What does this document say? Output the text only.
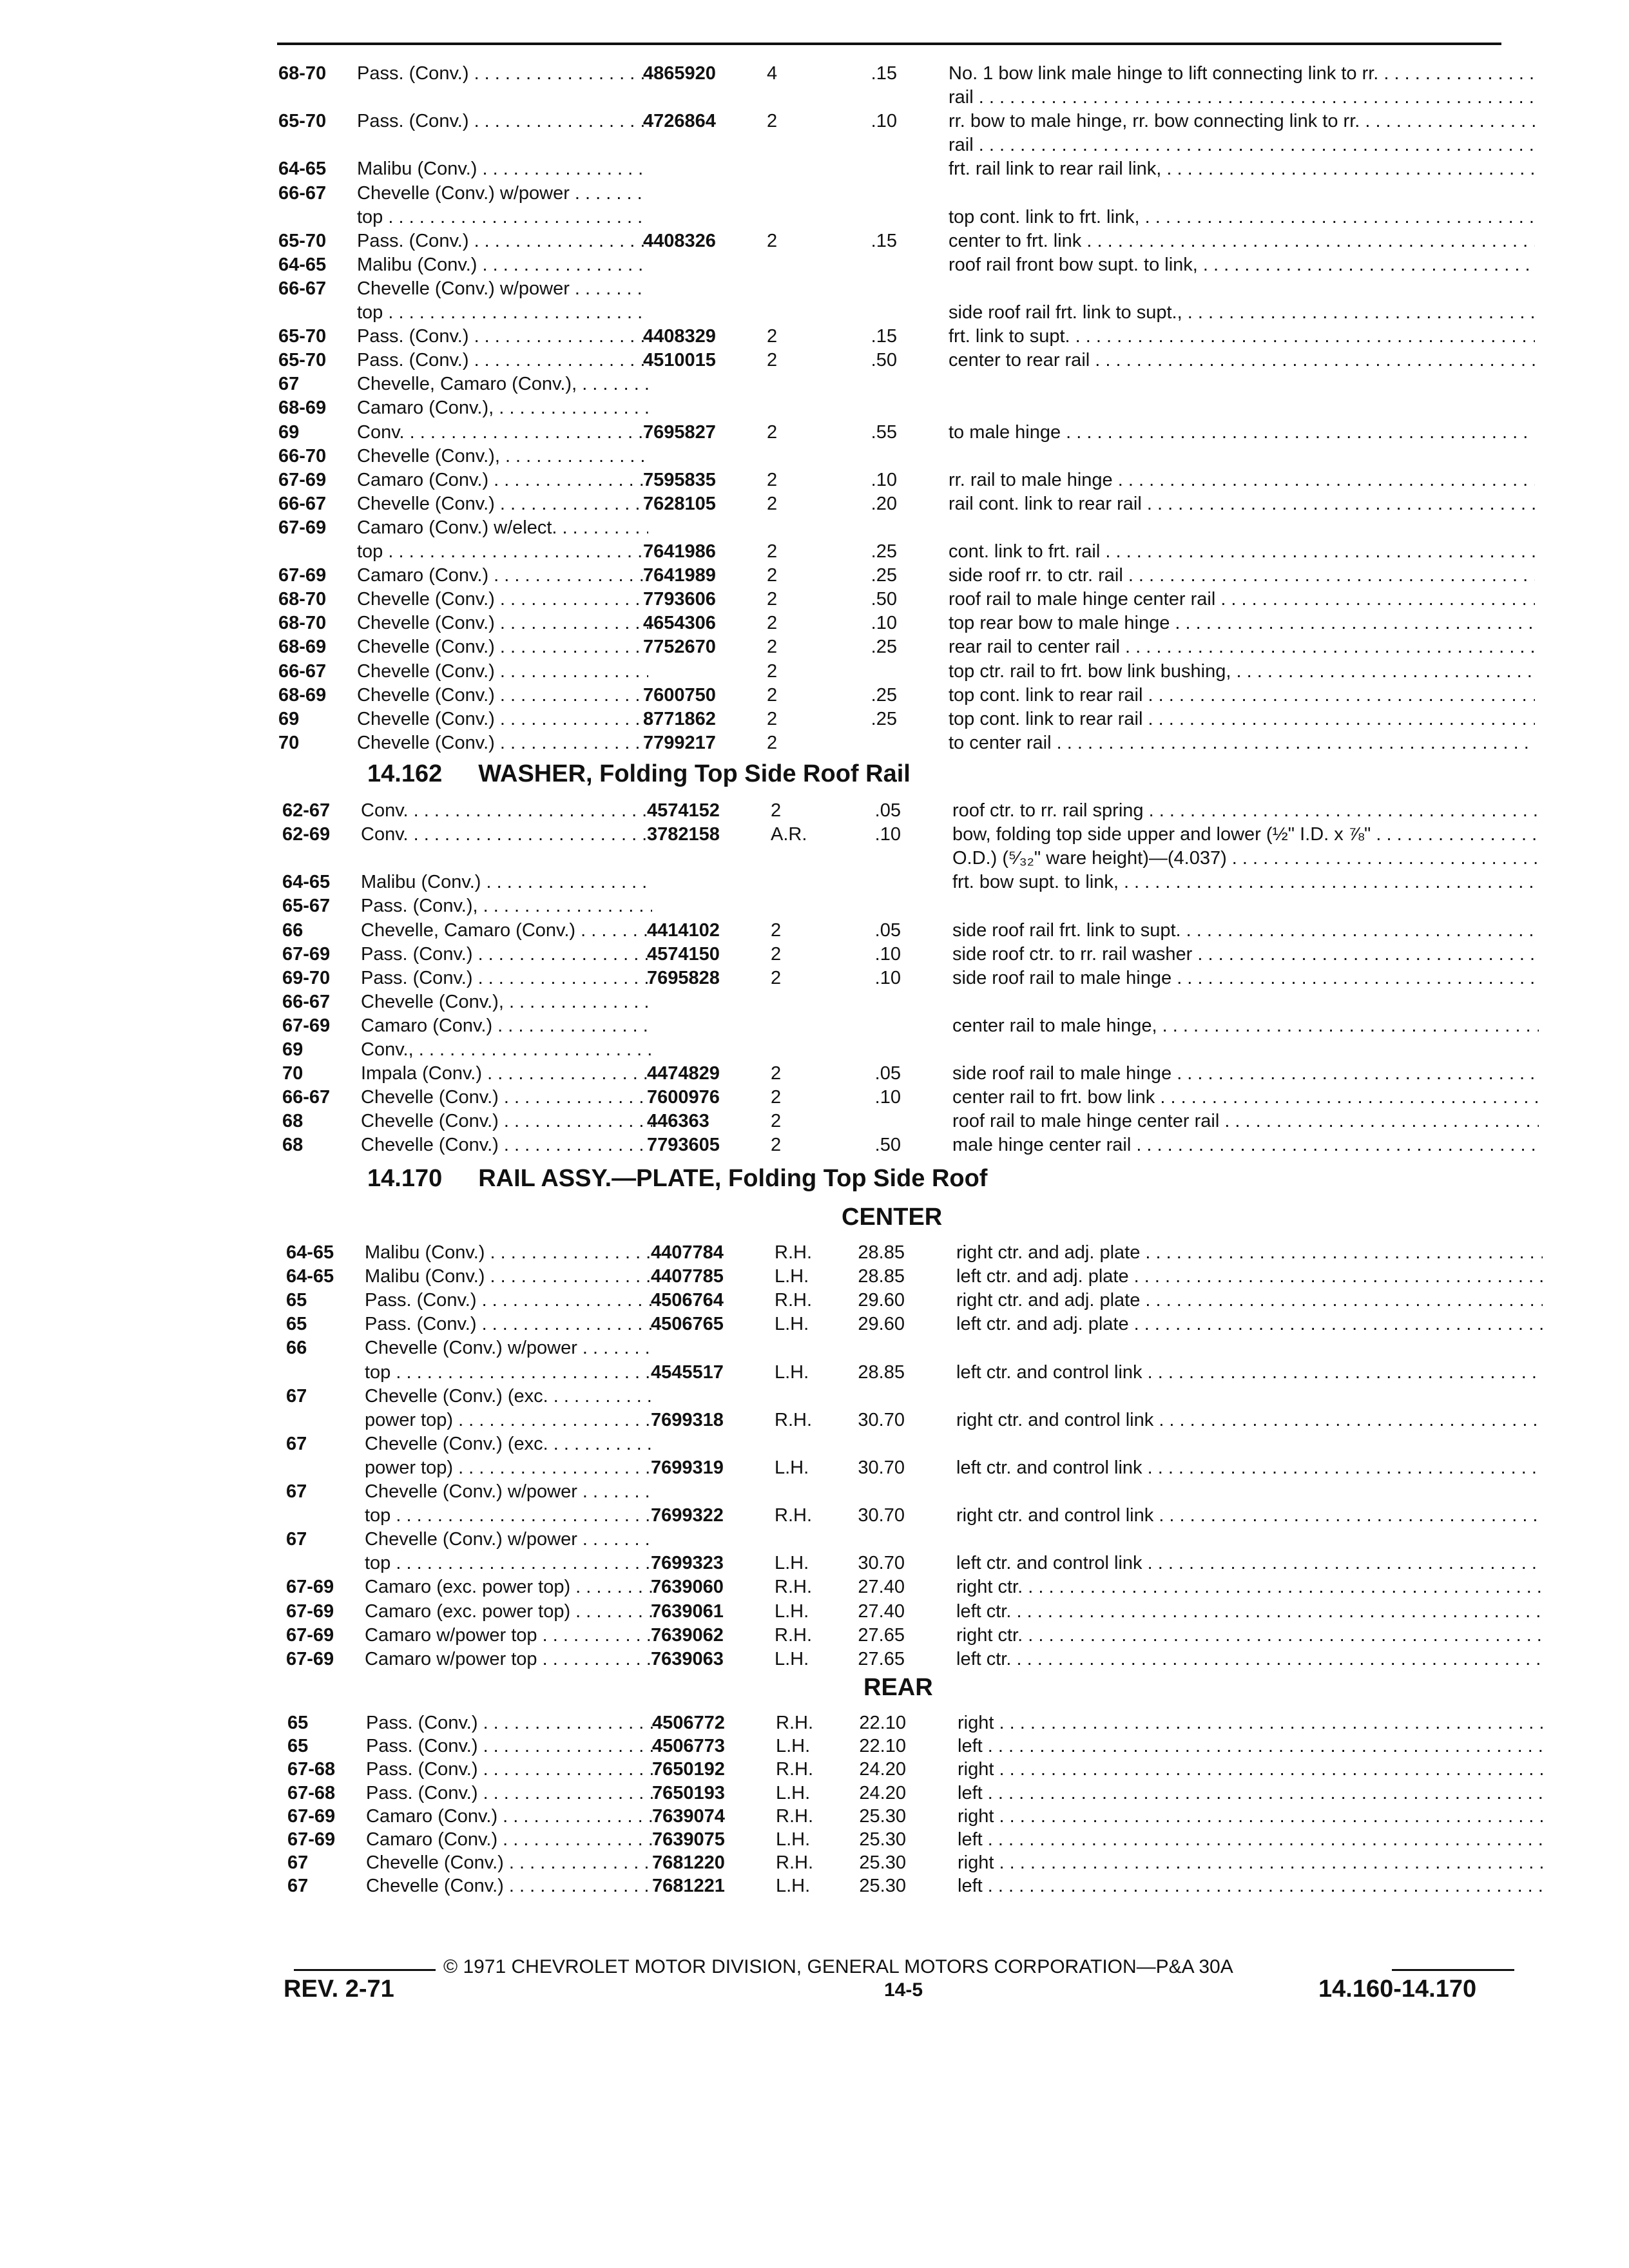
68-70	Pass. (Conv.) . . .	4865920	4	.15	No. 1 bow link male hinge to lift connecting link to rr. . . .
rail . . .
65-70	Pass. (Conv.) . . .	4726864	2	.10	rr. bow to male hinge, rr. bow connecting link to rr. . . .
rail . . .
64-65	Malibu (Conv.) . . .	frt. rail link to rear rail link, . . .
66-67	Chevelle (Conv.) w/power . . .
top . . .	top cont. link to frt. link, . . .
65-70	Pass. (Conv.) . . .	4408326	2	.15	center to frt. link . . .
64-65	Malibu (Conv.) . . .	roof rail front bow supt. to link, . . .
66-67	Chevelle (Conv.) w/power . . .
top . . .	side roof rail frt. link to supt., . . .
65-70	Pass. (Conv.) . . .	4408329	2	.15	frt. link to supt. . . .
65-70	Pass. (Conv.) . . .	4510015	2	.50	center to rear rail . . .
67	Chevelle, Camaro (Conv.), . . .
68-69	Camaro (Conv.), . . .
69	Conv. . . .	7695827	2	.55	to male hinge . . .
66-70	Chevelle (Conv.), . . .
67-69	Camaro (Conv.) . . .	7595835	2	.10	rr. rail to male hinge . . .
66-67	Chevelle (Conv.) . . .	7628105	2	.20	rail cont. link to rear rail . . .
67-69	Camaro (Conv.) w/elect. . . .
top . . .	7641986	2	.25	cont. link to frt. rail . . .
67-69	Camaro (Conv.) . . .	7641989	2	.25	side roof rr. to ctr. rail . . .
68-70	Chevelle (Conv.) . . .	7793606	2	.50	roof rail to male hinge center rail . . .
68-70	Chevelle (Conv.) . . .	4654306	2	.10	top rear bow to male hinge . . .
68-69	Chevelle (Conv.) . . .	7752670	2	.25	rear rail to center rail . . .
66-67	Chevelle (Conv.) . . .	2	top ctr. rail to frt. bow link bushing, . . .
68-69	Chevelle (Conv.) . . .	7600750	2	.25	top cont. link to rear rail . . .
69	Chevelle (Conv.) . . .	8771862	2	.25	top cont. link to rear rail . . .
70	Chevelle (Conv.) . . .	7799217	2	to center rail . . .
14.162 WASHER, Folding Top Side Roof Rail
62-67	Conv. . . .	4574152	2	.05	roof ctr. to rr. rail spring . . .
62-69	Conv. . . .	3782158	A.R.	.10	bow, folding top side upper and lower (½" I.D. x ⅞" . . .
O.D.) (⁵⁄₃₂" ware height)—(4.037) . . .
64-65	Malibu (Conv.) . . .	frt. bow supt. to link, . . .
65-67	Pass. (Conv.), . . .
66	Chevelle, Camaro (Conv.) . . .	4414102	2	.05	side roof rail frt. link to supt. . . .
67-69	Pass. (Conv.) . . .	4574150	2	.10	side roof ctr. to rr. rail washer . . .
69-70	Pass. (Conv.) . . .	7695828	2	.10	side roof rail to male hinge . . .
66-67	Chevelle (Conv.), . . .
67-69	Camaro (Conv.) . . .	center rail to male hinge, . . .
69	Conv., . . .
70	Impala (Conv.) . . .	4474829	2	.05	side roof rail to male hinge . . .
66-67	Chevelle (Conv.) . . .	7600976	2	.10	center rail to frt. bow link . . .
68	Chevelle (Conv.) . . .	446363	2	roof rail to male hinge center rail . . .
68	Chevelle (Conv.) . . .	7793605	2	.50	male hinge center rail . . .
14.170 RAIL ASSY.—PLATE, Folding Top Side Roof
CENTER
64-65	Malibu (Conv.) . . .	4407784	R.H.	28.85	right ctr. and adj. plate . . .
64-65	Malibu (Conv.) . . .	4407785	L.H.	28.85	left ctr. and adj. plate . . .
65	Pass. (Conv.) . . .	4506764	R.H.	29.60	right ctr. and adj. plate . . .
65	Pass. (Conv.) . . .	4506765	L.H.	29.60	left ctr. and adj. plate . . .
66	Chevelle (Conv.) w/power . . .
top . . .	4545517	L.H.	28.85	left ctr. and control link . . .
67	Chevelle (Conv.) (exc. . . .
power top) . . .	7699318	R.H.	30.70	right ctr. and control link . . .
67	Chevelle (Conv.) (exc. . . .
power top) . . .	7699319	L.H.	30.70	left ctr. and control link . . .
67	Chevelle (Conv.) w/power . . .
top . . .	7699322	R.H.	30.70	right ctr. and control link . . .
67	Chevelle (Conv.) w/power . . .
top . . .	7699323	L.H.	30.70	left ctr. and control link . . .
67-69	Camaro (exc. power top) . . .	7639060	R.H.	27.40	right ctr. . . .
67-69	Camaro (exc. power top) . . .	7639061	L.H.	27.40	left ctr. . . .
67-69	Camaro w/power top . . .	7639062	R.H.	27.65	right ctr. . . .
67-69	Camaro w/power top . . .	7639063	L.H.	27.65	left ctr. . . .
REAR
65	Pass. (Conv.) . . .	4506772	R.H.	22.10	right . . .
65	Pass. (Conv.) . . .	4506773	L.H.	22.10	left . . .
67-68	Pass. (Conv.) . . .	7650192	R.H.	24.20	right . . .
67-68	Pass. (Conv.) . . .	7650193	L.H.	24.20	left . . .
67-69	Camaro (Conv.) . . .	7639074	R.H.	25.30	right . . .
67-69	Camaro (Conv.) . . .	7639075	L.H.	25.30	left . . .
67	Chevelle (Conv.) . . .	7681220	R.H.	25.30	right . . .
67	Chevelle (Conv.) . . .	7681221	L.H.	25.30	left . . .
© 1971 CHEVROLET MOTOR DIVISION, GENERAL MOTORS CORPORATION—P&A 30A
REV. 2-71	14-5	14.160-14.170
